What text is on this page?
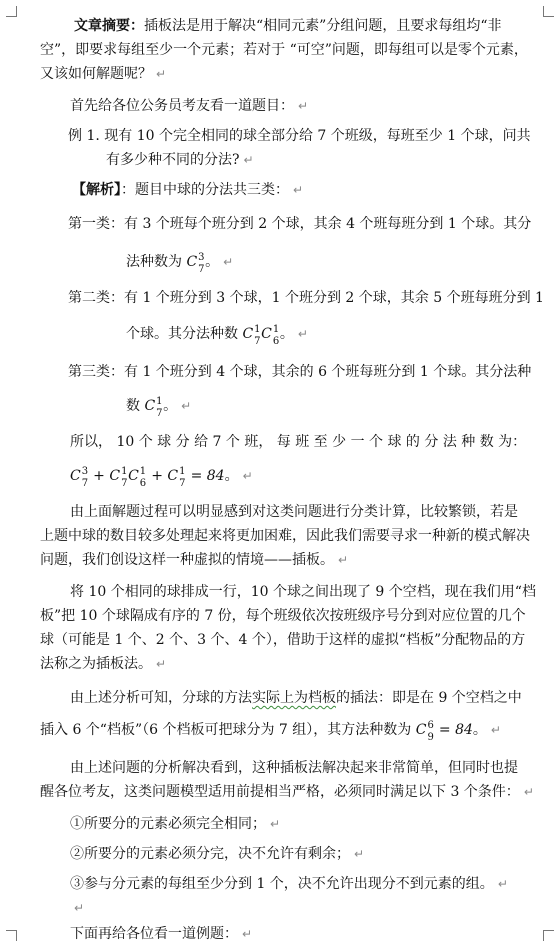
文章摘要：插板法是用于解决“相同元素”分组问题，且要求每组均“非
空”，即要求每组至少一个元素；若对于 “可空”问题，即每组可以是零个元素，
又该如何解题呢？ ↵
首先给各位公务员考友看一道题目： ↵
例 1. 现有 10 个完全相同的球全部分给 7 个班级，每班至少 1 个球，问共
有多少种不同的分法? ↵
【解析】：题目中球的分法共三类： ↵
第一类：有 3 个班每个班分到 2 个球，其余 4 个班每班分到 1 个球。其分
法种数为 C 3
7 。 ↵
第二类：有 1 个班分到 3 个球，1 个班分到 2 个球，其余 5 个班每班分到 1
个球。其分法种数 C 1
7 C 1
6 。 ↵
第三类：有 1 个班分到 4 个球，其余的 6 个班每班分到 1 个球。其分法种
数 C 1
7 。 ↵
所以， 10 个 球 分 给 7 个 班， 每 班 至 少 一 个 球 的 分 法 种 数 为：
C 3
7 + C 1
7 C 1
6 + C 1
7 = 84。 ↵
由上面解题过程可以明显感到对这类问题进行分类计算，比较繁锁，若是
上题中球的数目较多处理起来将更加困难，因此我们需要寻求一种新的模式解决
问题，我们创设这样一种虚拟的情境——插板。 ↵
将 10 个相同的球排成一行，10 个球之间出现了 9 个空档，现在我们用“档
板”把 10 个球隔成有序的 7 份，每个班级依次按班级序号分到对应位置的几个
球（可能是 1 个、2 个、3 个、4 个），借助于这样的虚拟“档板”分配物品的方
法称之为插板法。 ↵
由上述分析可知，分球的方法实际上为档板的插法：即是在 9 个空档之中
插入 6 个“档板”（6 个档板可把球分为 7 组），其方法种数为 C 6
9 = 84。 ↵
由上述问题的分析解决看到，这种插板法解决起来非常简单，但同时也提
醒各位考友，这类问题模型适用前提相当严格，必须同时满足以下 3 个条件： ↵
①所要分的元素必须完全相同； ↵
②所要分的元素必须分完，决不允许有剩余； ↵
③参与分元素的每组至少分到 1 个，决不允许出现分不到元素的组。 ↵
↵
下面再给各位看一道例题： ↵
